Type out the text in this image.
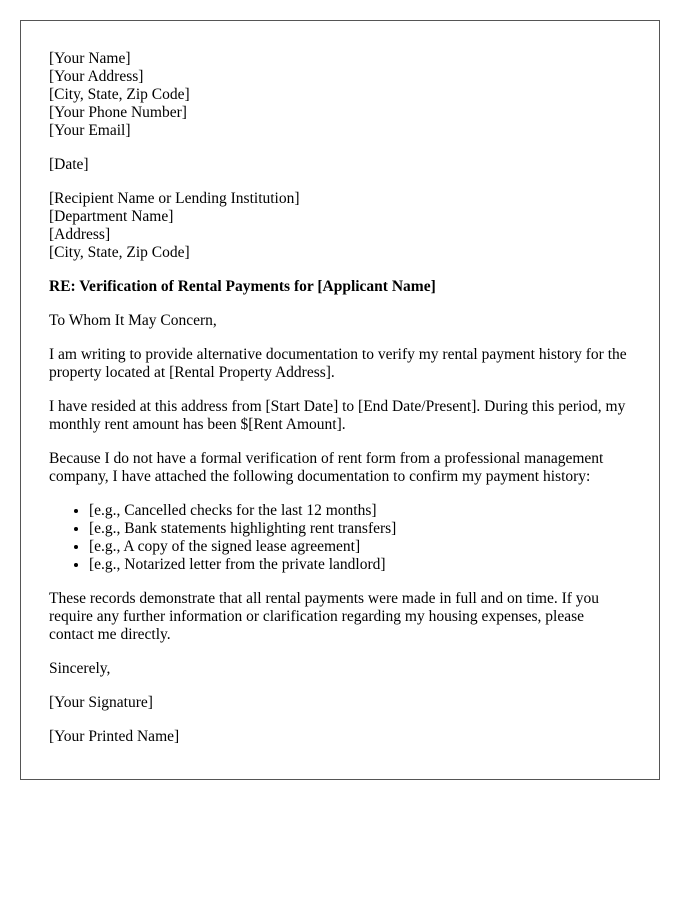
[Your Name]
[Your Address]
[City, State, Zip Code]
[Your Phone Number]
[Your Email]
[Date]
[Recipient Name or Lending Institution]
[Department Name]
[Address]
[City, State, Zip Code]

RE: Verification of Rental Payments for [Applicant Name]

To Whom It May Concern,

I am writing to provide alternative documentation to verify my rental payment history for the property located at [Rental Property Address].

I have resided at this address from [Start Date] to [End Date/Present]. During this period, my monthly rent amount has been $[Rent Amount].

Because I do not have a formal verification of rent form from a professional management company, I have attached the following documentation to confirm my payment history:

• [e.g., Cancelled checks for the last 12 months]
• [e.g., Bank statements highlighting rent transfers]
• [e.g., A copy of the signed lease agreement]
• [e.g., Notarized letter from the private landlord]

These records demonstrate that all rental payments were made in full and on time. If you require any further information or clarification regarding my housing expenses, please contact me directly.

Sincerely,

[Your Signature]

[Your Printed Name]
